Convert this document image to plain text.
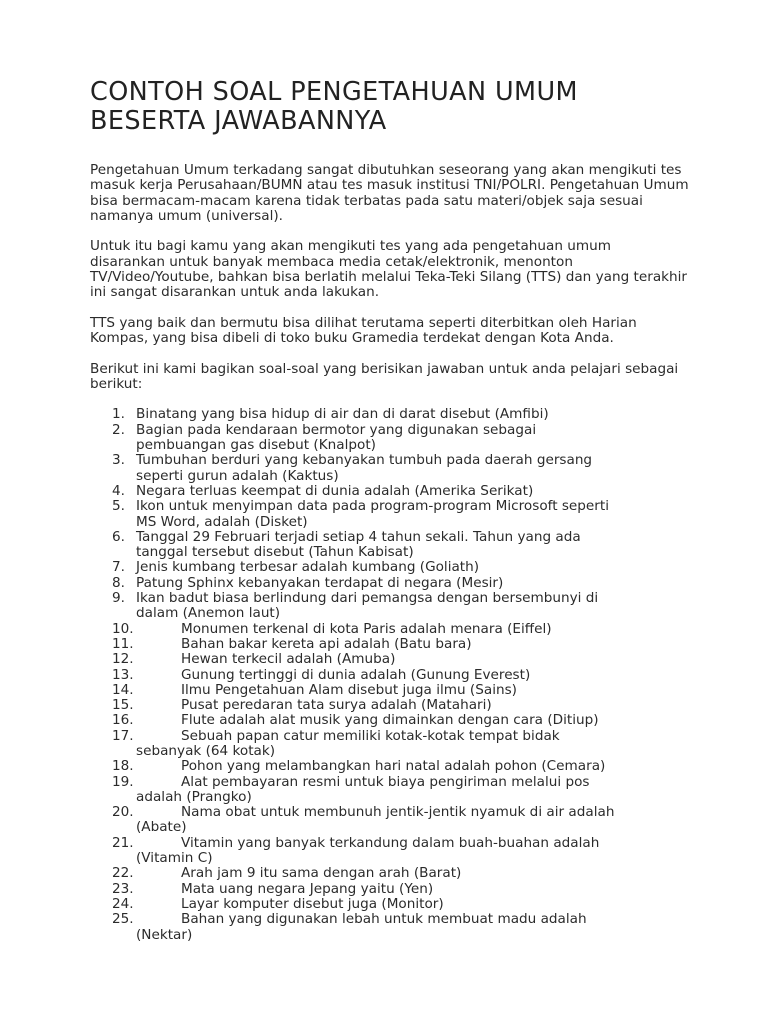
CONTOH SOAL PENGETAHUAN UMUM BESERTA JAWABANNYA

Pengetahuan Umum terkadang sangat dibutuhkan seseorang yang akan mengikuti tes masuk kerja Perusahaan/BUMN atau tes masuk institusi TNI/POLRI. Pengetahuan Umum bisa bermacam-macam karena tidak terbatas pada satu materi/objek saja sesuai namanya umum (universal).

Untuk itu bagi kamu yang akan mengikuti tes yang ada pengetahuan umum disarankan untuk banyak membaca media cetak/elektronik, menonton TV/Video/Youtube, bahkan bisa berlatih melalui Teka-Teki Silang (TTS) dan yang terakhir ini sangat disarankan untuk anda lakukan.

TTS yang baik dan bermutu bisa dilihat terutama seperti diterbitkan oleh Harian Kompas, yang bisa dibeli di toko buku Gramedia terdekat dengan Kota Anda.

Berikut ini kami bagikan soal-soal yang berisikan jawaban untuk anda pelajari sebagai berikut:

1. Binatang yang bisa hidup di air dan di darat disebut (Amfibi)
2. Bagian pada kendaraan bermotor yang digunakan sebagai
pembuangan gas disebut (Knalpot)
3. Tumbuhan berduri yang kebanyakan tumbuh pada daerah gersang
seperti gurun adalah (Kaktus)
4. Negara terluas keempat di dunia adalah (Amerika Serikat)
5. Ikon untuk menyimpan data pada program-program Microsoft seperti
MS Word, adalah (Disket)
6. Tanggal 29 Februari terjadi setiap 4 tahun sekali. Tahun yang ada
tanggal tersebut disebut (Tahun Kabisat)
7. Jenis kumbang terbesar adalah kumbang (Goliath)
8. Patung Sphinx kebanyakan terdapat di negara (Mesir)
9. Ikan badut biasa berlindung dari pemangsa dengan bersembunyi di
dalam (Anemon laut)
10.	Monumen terkenal di kota Paris adalah menara (Eiffel)
11.	Bahan bakar kereta api adalah (Batu bara)
12.	Hewan terkecil adalah (Amuba)
13.	Gunung tertinggi di dunia adalah (Gunung Everest)
14.	Ilmu Pengetahuan Alam disebut juga ilmu (Sains)
15.	Pusat peredaran tata surya adalah (Matahari)
16.	Flute adalah alat musik yang dimainkan dengan cara (Ditiup)
17.	Sebuah papan catur memiliki kotak-kotak tempat bidak
sebanyak (64 kotak)
18.	Pohon yang melambangkan hari natal adalah pohon (Cemara)
19.	Alat pembayaran resmi untuk biaya pengiriman melalui pos
adalah (Prangko)
20.	Nama obat untuk membunuh jentik-jentik nyamuk di air adalah
(Abate)
21.	Vitamin yang banyak terkandung dalam buah-buahan adalah
(Vitamin C)
22.	Arah jam 9 itu sama dengan arah (Barat)
23.	Mata uang negara Jepang yaitu (Yen)
24.	Layar komputer disebut juga (Monitor)
25.	Bahan yang digunakan lebah untuk membuat madu adalah
(Nektar)
